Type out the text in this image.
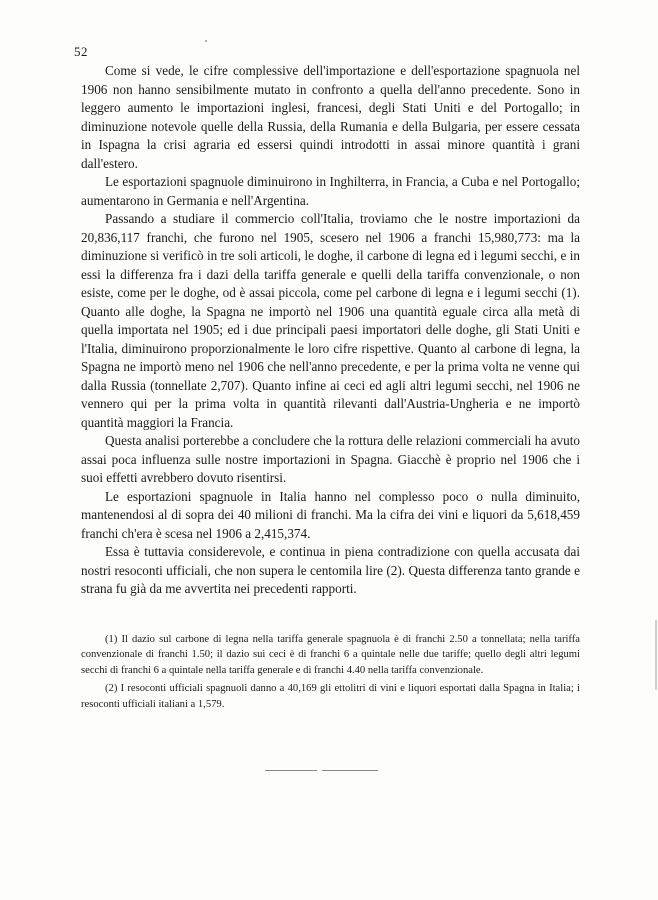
52

Come si vede, le cifre complessive dell'importazione e dell'esportazione spagnuola nel 1906 non hanno sensibilmente mutato in confronto a quella dell'anno precedente. Sono in leggero aumento le importazioni inglesi, francesi, degli Stati Uniti e del Portogallo; in diminuzione notevole quelle della Russia, della Rumania e della Bulgaria, per essere cessata in Ispagna la crisi agraria ed essersi quindi introdotti in assai minore quantità i grani dall'estero.

Le esportazioni spagnuole diminuirono in Inghilterra, in Francia, a Cuba e nel Portogallo; aumentarono in Germania e nell'Argentina.

Passando a studiare il commercio coll'Italia, troviamo che le nostre importazioni da 20,836,117 franchi, che furono nel 1905, scesero nel 1906 a franchi 15,980,773: ma la diminuzione si verificò in tre soli articoli, le doghe, il carbone di legna ed i legumi secchi, e in essi la differenza fra i dazi della tariffa generale e quelli della tariffa convenzionale, o non esiste, come per le doghe, od è assai piccola, come pel carbone di legna e i legumi secchi (1). Quanto alle doghe, la Spagna ne importò nel 1906 una quantità eguale circa alla metà di quella importata nel 1905; ed i due principali paesi importatori delle doghe, gli Stati Uniti e l'Italia, diminuirono proporzionalmente le loro cifre rispettive. Quanto al carbone di legna, la Spagna ne importò meno nel 1906 che nell'anno precedente, e per la prima volta ne venne qui dalla Russia (tonnellate 2,707). Quanto infine ai ceci ed agli altri legumi secchi, nel 1906 ne vennero qui per la prima volta in quantità rilevanti dall'Austria-Ungheria e ne importò quantità maggiori la Francia.

Questa analisi porterebbe a concludere che la rottura delle relazioni commerciali ha avuto assai poca influenza sulle nostre importazioni in Spagna. Giacchè è proprio nel 1906 che i suoi effetti avrebbero dovuto risentirsi.

Le esportazioni spagnuole in Italia hanno nel complesso poco o nulla diminuito, mantenendosi al di sopra dei 40 milioni di franchi. Ma la cifra dei vini e liquori da 5,618,459 franchi ch'era è scesa nel 1906 a 2,415,374.

Essa è tuttavia considerevole, e continua in piena contradizione con quella accusata dai nostri resoconti ufficiali, che non supera le centomila lire (2). Questa differenza tanto grande e strana fu già da me avvertita nei precedenti rapporti.

(1) Il dazio sul carbone di legna nella tariffa generale spagnuola è di franchi 2.50 a tonnellata; nella tariffa convenzionale di franchi 1.50; il dazio sui ceci è di franchi 6 a quintale nelle due tariffe; quello degli altri legumi secchi di franchi 6 a quintale nella tariffa generale e di franchi 4.40 nella tariffa convenzionale.

(2) I resoconti ufficiali spagnuoli danno a 40,169 gli ettolitri di vini e liquori esportati dalla Spagna in Italia; i resoconti ufficiali italiani a 1,579.
